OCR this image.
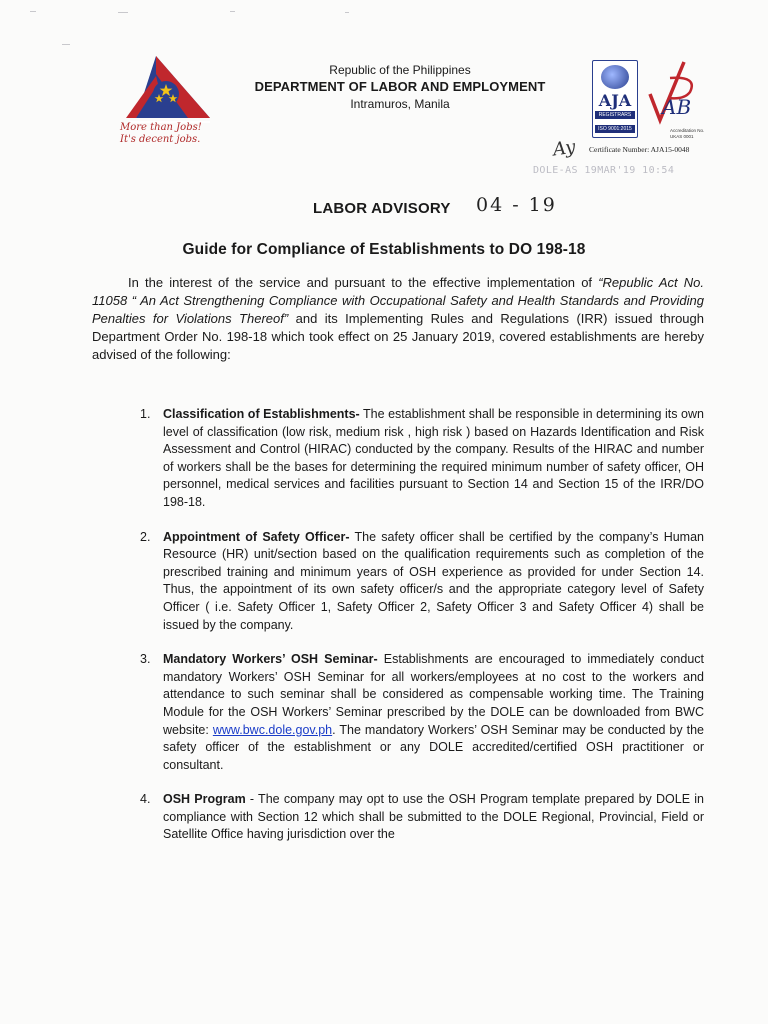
More than Jobs!
It's decent jobs.
Republic of the Philippines
DEPARTMENT OF LABOR AND EMPLOYMENT
Intramuros, Manila	AJA
REGISTRARS
ISO 9001:2015
AB
Accreditation No.
UKAS 0001
Ay Certificate Number: AJA15-0048
DOLE-AS 19MAR'19 10:54
LABOR ADVISORY 04 - 19
Guide for Compliance of Establishments to DO 198-18
In the interest of the service and pursuant to the effective implementation of “Republic Act No. 11058 “ An Act Strengthening Compliance with Occupational Safety and Health Standards and Providing Penalties for Violations Thereof” and its Implementing Rules and Regulations (IRR) issued through Department Order No. 198-18 which took effect on 25 January 2019, covered establishments are hereby advised of the following:
1. Classification of Establishments- The establishment shall be responsible in determining its own level of classification (low risk, medium risk , high risk ) based on Hazards Identification and Risk Assessment and Control (HIRAC) conducted by the company. Results of the HIRAC and number of workers shall be the bases for determining the required minimum number of safety officer, OH personnel, medical services and facilities pursuant to Section 14 and Section 15 of the IRR/DO 198-18.
2. Appointment of Safety Officer- The safety officer shall be certified by the company’s Human Resource (HR) unit/section based on the qualification requirements such as completion of the prescribed training and minimum years of OSH experience as provided for under Section 14. Thus, the appointment of its own safety officer/s and the appropriate category level of Safety Officer ( i.e. Safety Officer 1, Safety Officer 2, Safety Officer 3 and Safety Officer 4) shall be issued by the company.
3. Mandatory Workers’ OSH Seminar- Establishments are encouraged to immediately conduct mandatory Workers’ OSH Seminar for all workers/employees at no cost to the workers and attendance to such seminar shall be considered as compensable working time. The Training Module for the OSH Workers’ Seminar prescribed by the DOLE can be downloaded from BWC website: www.bwc.dole.gov.ph. The mandatory Workers’ OSH Seminar may be conducted by the safety officer of the establishment or any DOLE accredited/certified OSH practitioner or consultant.
4. OSH Program - The company may opt to use the OSH Program template prepared by DOLE in compliance with Section 12 which shall be submitted to the DOLE Regional, Provincial, Field or Satellite Office having jurisdiction over the
